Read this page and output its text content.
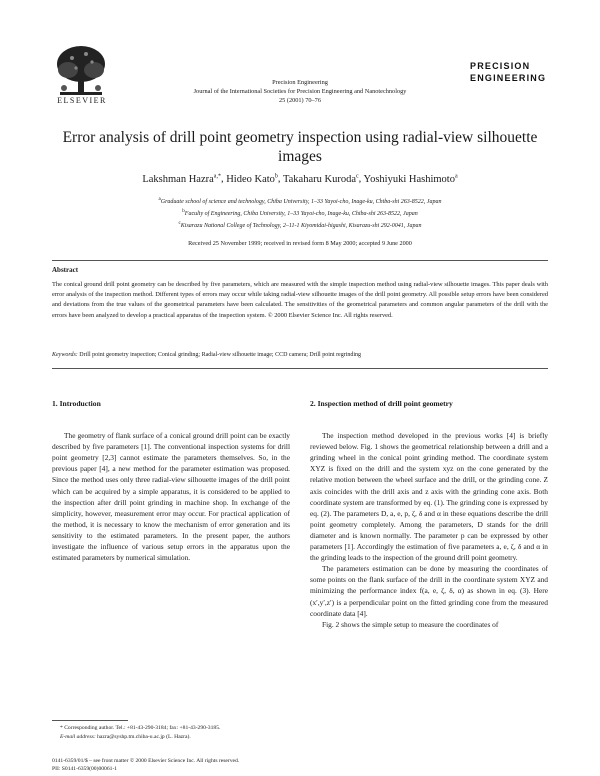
ELSEVIER
Precision Engineering
Journal of the International Societies for Precision Engineering and Nanotechnology
25 (2001) 70–76
PRECISION
ENGINEERING
Error analysis of drill point geometry inspection using radial-view silhouette images
Lakshman Hazra$^{a,*}$, Hideo Kato$^b$, Takaharu Kuroda$^c$, Yoshiyuki Hashimoto$^a$
$^a$Graduate school of science and technology, Chiba University, 1–33 Yayoi-cho, Inage-ku, Chiba-shi 263-8522, Japan
$^b$Faculty of Engineering, Chiba University, 1–33 Yayoi-cho, Inage-ku, Chiba-shi 263-8522, Japan
$^c$Kisarazu National College of Technology, 2–11-1 Kiyomidai-higashi, Kisarazu-shi 292-0041, Japan
Received 25 November 1999; received in revised form 8 May 2000; accepted 9 June 2000
Abstract
The conical ground drill point geometry can be described by five parameters, which are measured with the simple inspection method using radial-view silhouette images. This paper deals with error analysis of the inspection method. Different types of errors may occur while taking radial-view silhouette images of the drill point geometry. All possible setup errors have been considered and deviations from the true values of the geometrical parameters have been calculated. The sensitivities of the geometrical parameters and common angular parameters of the drill with the errors have been analyzed to develop a practical apparatus of the inspection system. © 2000 Elsevier Science Inc. All rights reserved.
Keywords: Drill point geometry inspection; Conical grinding; Radial-view silhouette image; CCD camera; Drill point regrinding
1. Introduction

The geometry of flank surface of a conical ground drill point can be exactly described by five parameters [1]. The conventional inspection systems for drill point geometry [2,3] cannot estimate the parameters themselves. So, in the previous paper [4], a new method for the parameter estimation was proposed. Since the method uses only three radial-view silhouette images of the drill point which can be acquired by a simple apparatus, it is considered to be applied to the inspection after drill point grinding in machine shop. In exchange of the simplicity, however, measurement error may occur. For practical application of the method, it is necessary to know the mechanism of error generation and its sensitivity to the estimated parameters. In the present paper, the authors investigate the influence of various setup errors in the apparatus upon the estimated parameters by numerical simulation.

2. Inspection method of drill point geometry

The inspection method developed in the previous works [4] is briefly reviewed below. Fig. 1 shows the geometrical relationship between a drill and a grinding wheel in the conical point grinding method. The coordinate system XYZ is fixed on the drill and the system xyz on the cone generated by the relative motion between the wheel surface and the drill, or the grinding cone. Z axis coincides with the drill axis and z axis with the grinding cone axis. Both coordinate system are transformed by eq. (1). The grinding cone is expressed by eq. (2). The parameters D, a, e, p, ζ, δ and α in these equations describe the drill point geometry completely. Among the parameters, D stands for the drill diameter and is known normally. The parameter p can be expressed by other parameters [1]. Accordingly the estimation of five parameters a, e, ζ, δ and α in the grinding leads to the inspection of the ground drill point geometry.

The parameters estimation can be done by measuring the coordinates of some points on the flank surface of the drill in the coordinate system XYZ and minimizing the performance index f(a, e, ζ, δ, α) as shown in eq. (3). Here (x′,y′,z′) is a perpendicular point on the fitted grinding cone from the measured coordinate data [4].

Fig. 2 shows the simple setup to measure the coordinates of

* Corresponding author. Tel.: +81-43-290-3184; fax: +81-43-290-3185.
E-mail address: hazra@syshp.tm.chiba-u.ac.jp (L. Hazra).
0141-6359/01/$ – see front matter © 2000 Elsevier Science Inc. All rights reserved.
PII: S0141-6359(00)00061-1
